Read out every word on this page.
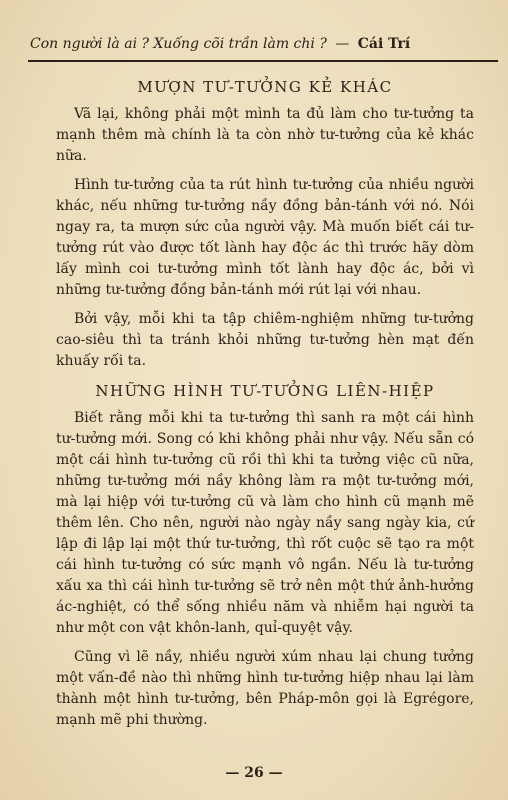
Con người là ai ? Xuống cõi trần làm chi ? — Cái Trí
MƯỢN TƯ-TƯỞNG KẺ KHÁC

Vã lại, không phải một mình ta đủ làm cho tư-tưởng ta mạnh thêm mà chính là ta còn nhờ tư-tưởng của kẻ khác nữa.

Hình tư-tưởng của ta rút hình tư-tưởng của nhiều người khác, nếu những tư-tưởng nầy đồng bản-tánh với nó. Nói ngay ra, ta mượn sức của người vậy. Mà muốn biết cái tư-tưởng rút vào được tốt lành hay độc ác thì trước hãy dòm lấy mình coi tư-tưởng mình tốt lành hay độc ác, bởi vì những tư-tưởng đồng bản-tánh mới rút lại với nhau.

Bởi vậy, mỗi khi ta tập chiêm-nghiệm những tư-tưởng cao-siêu thì ta tránh khỏi những tư-tưởng hèn mạt đến khuấy rối ta.

NHỮNG HÌNH TƯ-TƯỞNG LIÊN-HIỆP

Biết rằng mỗi khi ta tư-tưởng thì sanh ra một cái hình tư-tưởng mới. Song có khi không phải như vậy. Nếu sẵn có một cái hình tư-tưởng cũ rồi thì khi ta tưởng việc cũ nữa, những tư-tưởng mới nầy không làm ra một tư-tưởng mới, mà lại hiệp với tư-tưởng cũ và làm cho hình cũ mạnh mẽ thêm lên. Cho nên, người nào ngày nầy sang ngày kia, cứ lập đi lập lại một thứ tư-tưởng, thì rốt cuộc sẽ tạo ra một cái hình tư-tưởng có sức mạnh vô ngần. Nếu là tư-tưởng xấu xa thì cái hình tư-tưởng sẽ trở nên một thứ ảnh-hưởng ác-nghiệt, có thể sống nhiều năm và nhiễm hại người ta như một con vật khôn-lanh, quỉ-quyệt vậy.

Cũng vì lẽ nầy, nhiều người xúm nhau lại chung tưởng một vấn-đề nào thì những hình tư-tưởng hiệp nhau lại làm thành một hình tư-tưởng, bên Pháp-môn gọi là Egrégore, mạnh mẽ phi thường.

— 26 —
